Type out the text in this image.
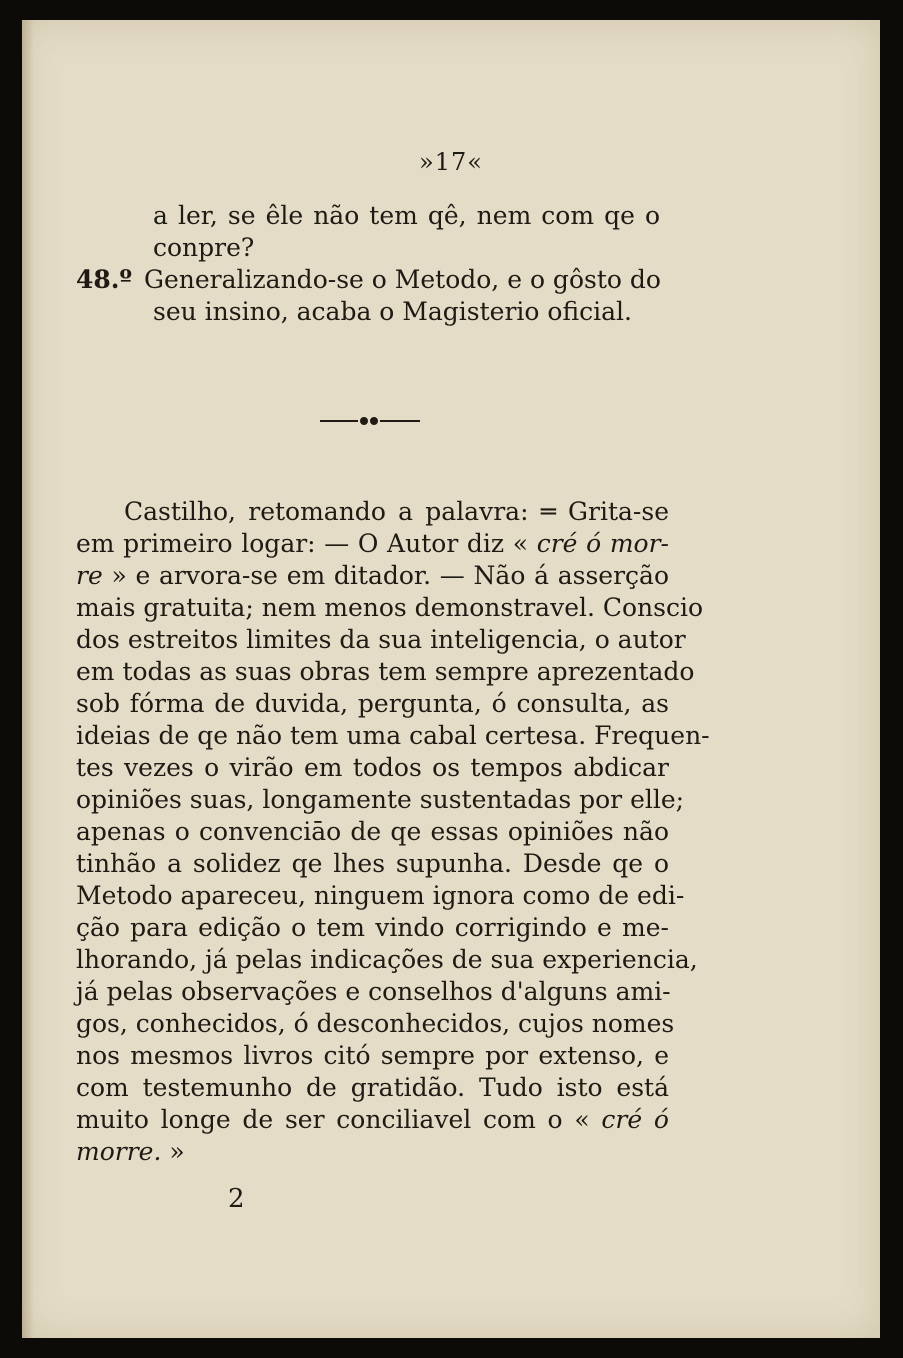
»17«
a ler, se êle não tem qê, nem com qe o
conpre?
48.º Generalizando-se o Metodo, e o gôsto do
seu insino, acaba o Magisterio oficial.
Castilho, retomando a palavra: ═ Grita-se
em primeiro logar: — O Autor diz « cré ó mor-
re » e arvora-se em ditador. — Não á asserção
mais gratuita; nem menos demonstravel. Conscio
dos estreitos limites da sua inteligencia, o autor
em todas as suas obras tem sempre aprezentado
sob fórma de duvida, pergunta, ó consulta, as
ideias de qe não tem uma cabal certesa. Frequen-
tes vezes o virão em todos os tempos abdicar
opiniões suas, longamente sustentadas por elle;
apenas o convenciāo de qe essas opiniões não
tinhão a solidez qe lhes supunha. Desde qe o
Metodo apareceu, ninguem ignora como de edi-
ção para edição o tem vindo corrigindo e me-
lhorando, já pelas indicações de sua experiencia,
já pelas observações e conselhos d'alguns ami-
gos, conhecidos, ó desconhecidos, cujos nomes
nos mesmos livros citó sempre por extenso, e
com testemunho de gratidão. Tudo isto está
muito longe de ser conciliavel com o « cré ó
morre. »
2
